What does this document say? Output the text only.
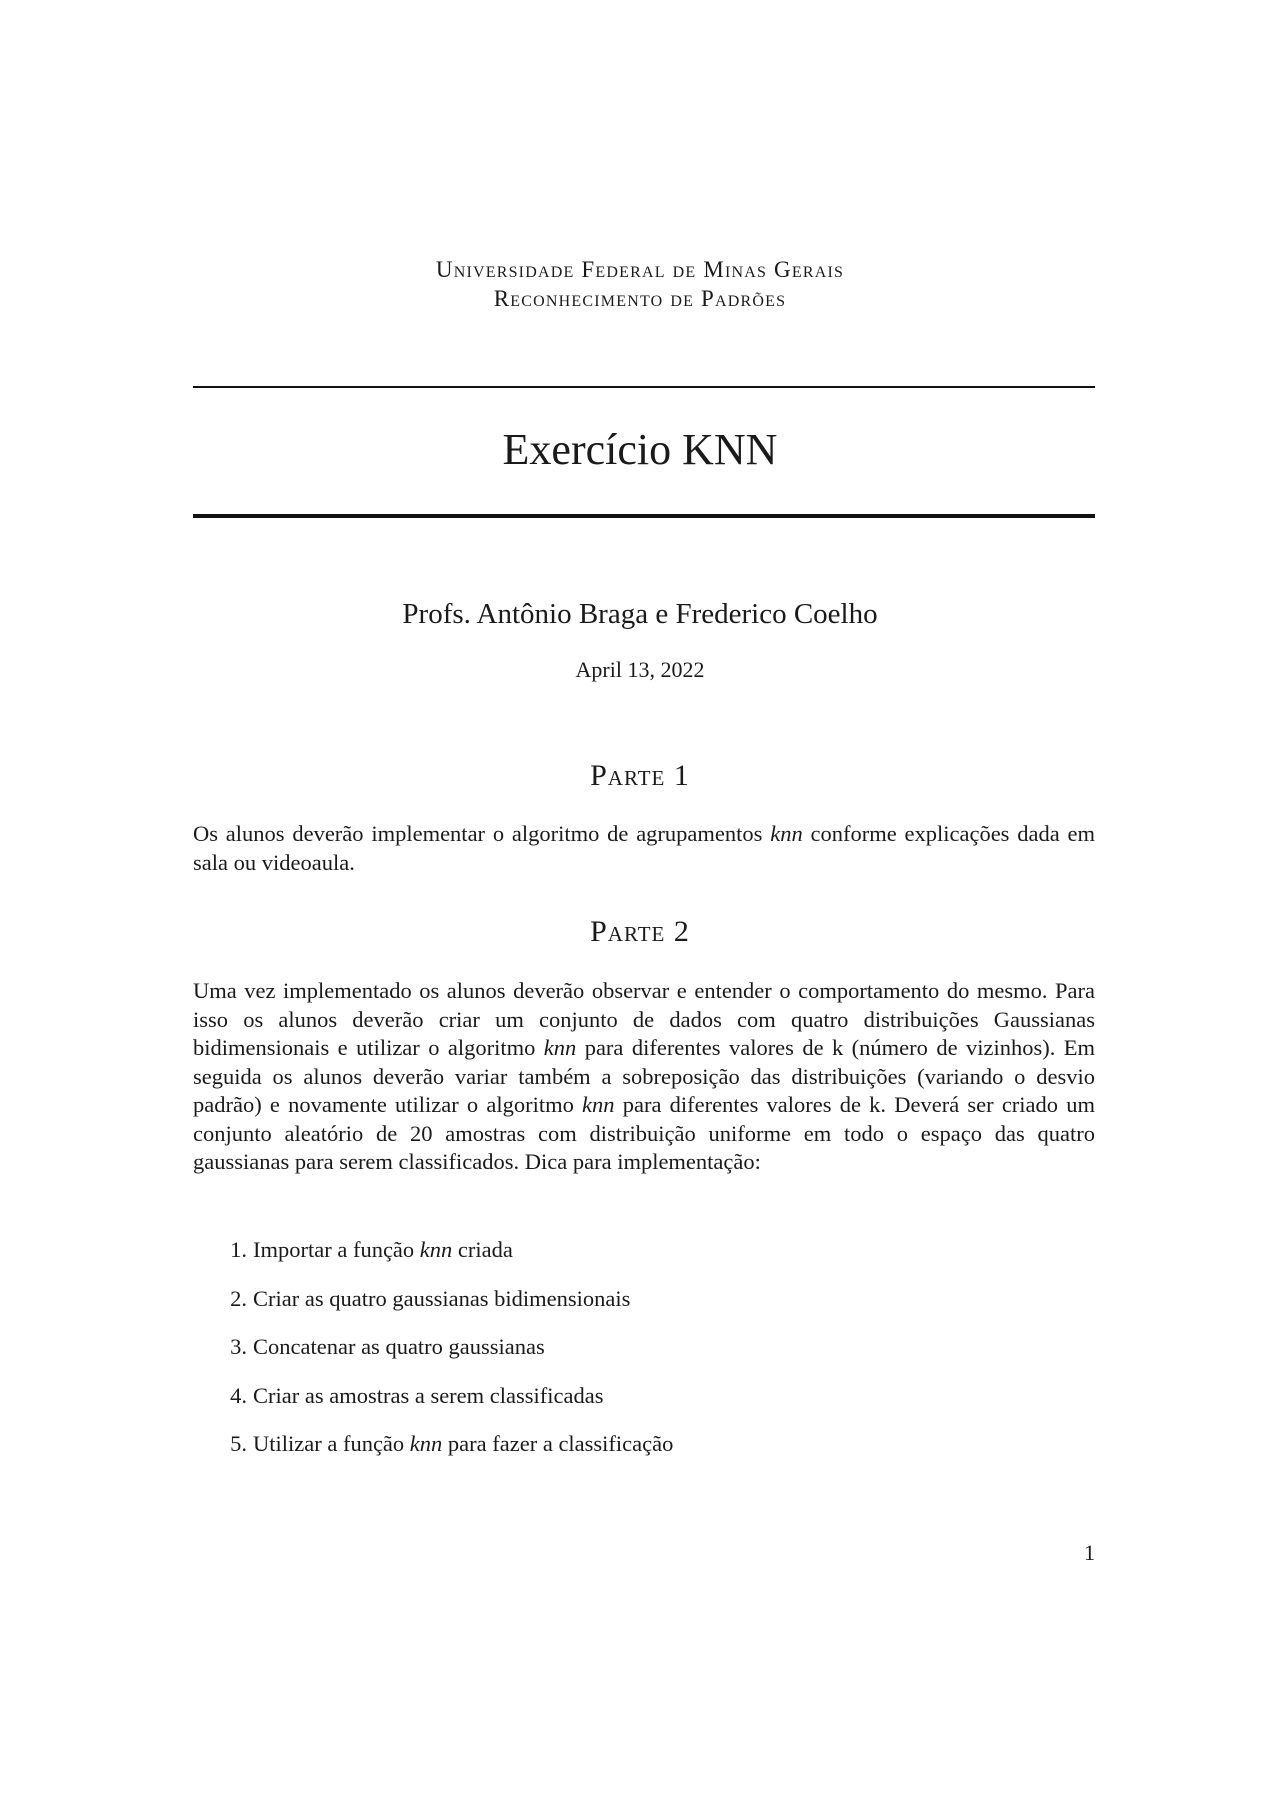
Universidade Federal de Minas Gerais
Reconhecimento de Padrões
Exercício KNN
Profs. Antônio Braga e Frederico Coelho
April 13, 2022
Parte 1
Os alunos deverão implementar o algoritmo de agrupamentos knn conforme explicações dada em sala ou videoaula.
Parte 2
Uma vez implementado os alunos deverão observar e entender o comportamento do mesmo. Para isso os alunos deverão criar um conjunto de dados com quatro distribuições Gaussianas bidimensionais e utilizar o algoritmo knn para diferentes valores de k (número de vizinhos). Em seguida os alunos deverão variar também a sobreposição das distribuições (variando o desvio padrão) e novamente utilizar o algoritmo knn para diferentes valores de k. Deverá ser criado um conjunto aleatório de 20 amostras com distribuição uniforme em todo o espaço das quatro gaussianas para serem classificados. Dica para implementação:
1. Importar a função knn criada
2. Criar as quatro gaussianas bidimensionais
3. Concatenar as quatro gaussianas
4. Criar as amostras a serem classificadas
5. Utilizar a função knn para fazer a classificação
1
